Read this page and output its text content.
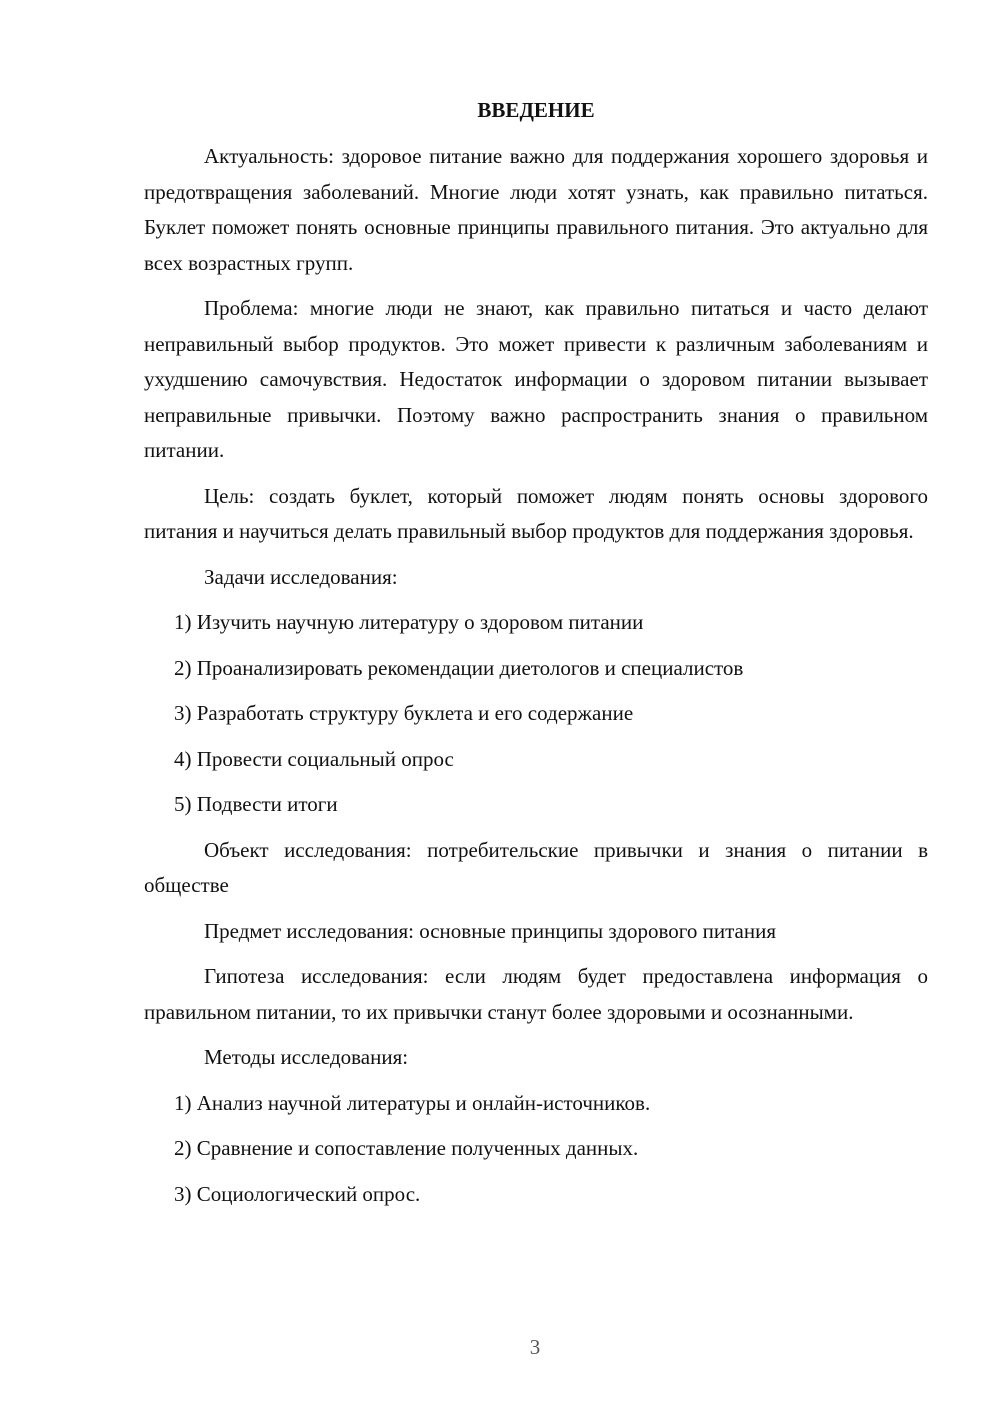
ВВЕДЕНИЕ

Актуальность: здоровое питание важно для поддержания хорошего здоровья и предотвращения заболеваний. Многие люди хотят узнать, как правильно питаться. Буклет поможет понять основные принципы правильного питания. Это актуально для всех возрастных групп.

Проблема: многие люди не знают, как правильно питаться и часто делают неправильный выбор продуктов. Это может привести к различным заболеваниям и ухудшению самочувствия. Недостаток информации о здоровом питании вызывает неправильные привычки. Поэтому важно распространить знания о правильном питании.

Цель: создать буклет, который поможет людям понять основы здорового питания и научиться делать правильный выбор продуктов для поддержания здоровья.

Задачи исследования:
1) Изучить научную литературу о здоровом питании
2) Проанализировать рекомендации диетологов и специалистов
3) Разработать структуру буклета и его содержание
4) Провести социальный опрос
5) Подвести итоги

Объект исследования: потребительские привычки и знания о питании в обществе

Предмет исследования: основные принципы здорового питания

Гипотеза исследования: если людям будет предоставлена информация о правильном питании, то их привычки станут более здоровыми и осознанными.

Методы исследования:
1) Анализ научной литературы и онлайн-источников.
2) Сравнение и сопоставление полученных данных.
3) Социологический опрос.
3
